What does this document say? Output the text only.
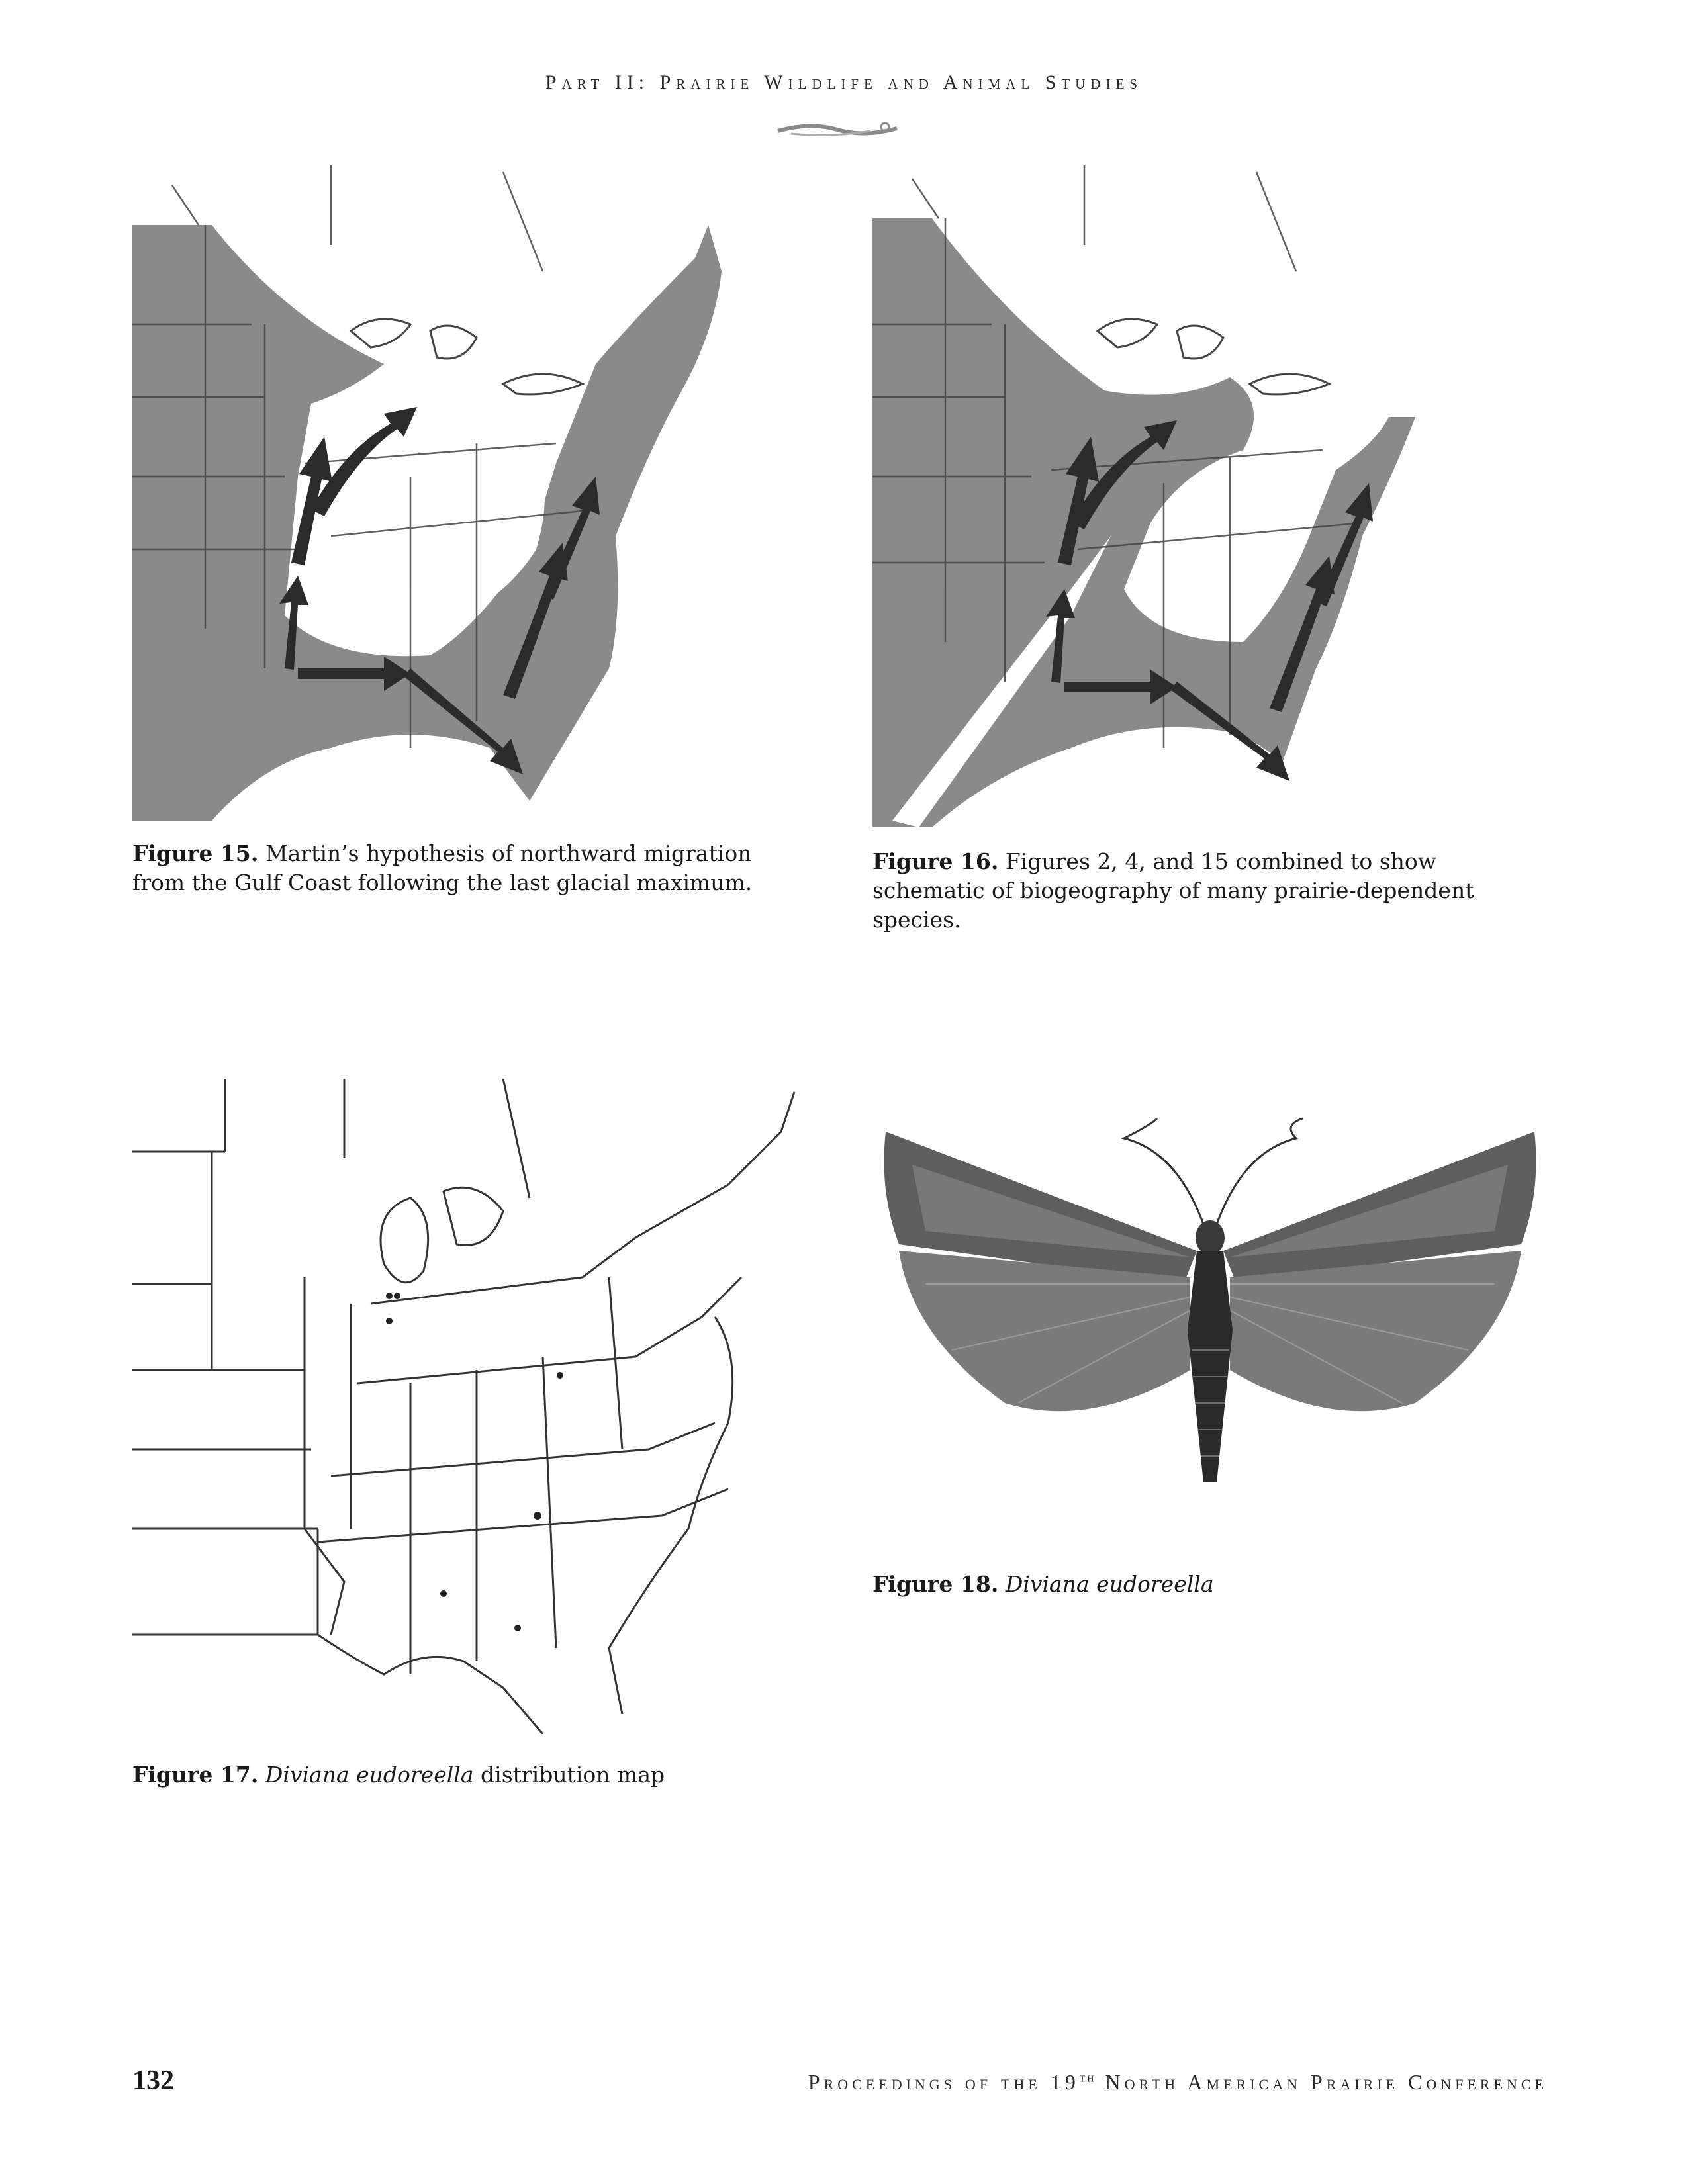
Part II: Prairie Wildlife and Animal Studies
Figure 15. Martin’s hypothesis of northward migration from the Gulf Coast following the last glacial maximum.
Figure 16. Figures 2, 4, and 15 combined to show schematic of biogeography of many prairie-dependent species.
Figure 17. Diviana eudoreella distribution map
Figure 18. Diviana eudoreella
132	Proceedings of the 19th North American Prairie Conference
